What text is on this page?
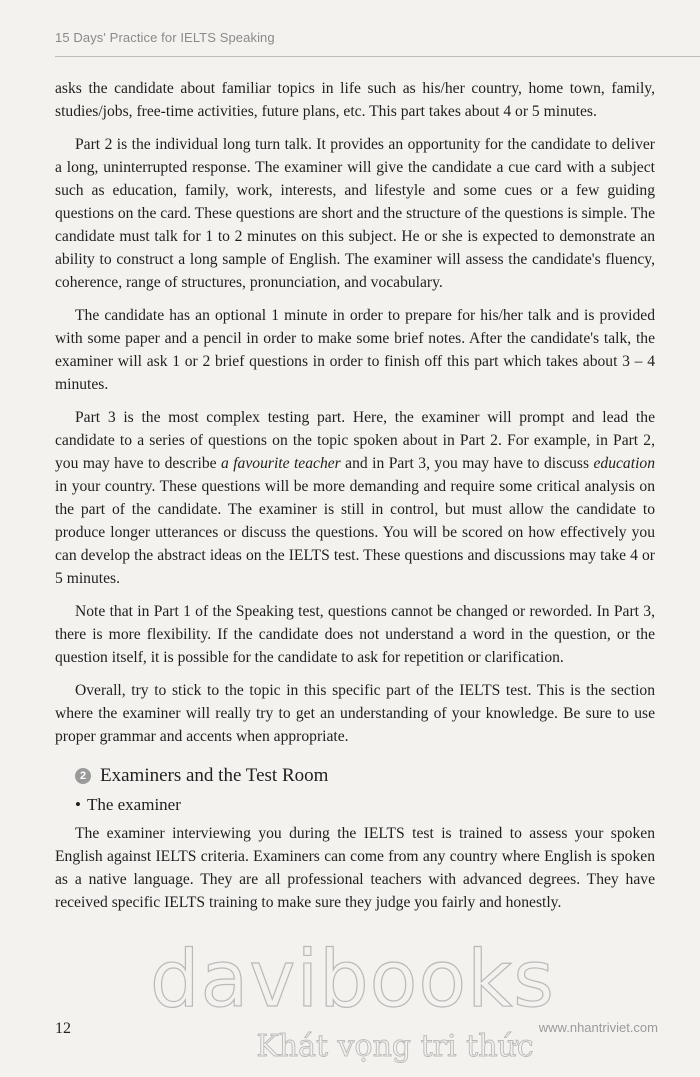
15 Days' Practice for IELTS Speaking

asks the candidate about familiar topics in life such as his/her country, home town, family, studies/jobs, free-time activities, future plans, etc. This part takes about 4 or 5 minutes.

Part 2 is the individual long turn talk. It provides an opportunity for the candidate to deliver a long, uninterrupted response. The examiner will give the candidate a cue card with a subject such as education, family, work, interests, and lifestyle and some cues or a few guiding questions on the card. These questions are short and the structure of the questions is simple. The candidate must talk for 1 to 2 minutes on this subject. He or she is expected to demonstrate an ability to construct a long sample of English. The examiner will assess the candidate's fluency, coherence, range of structures, pronunciation, and vocabulary.

The candidate has an optional 1 minute in order to prepare for his/her talk and is provided with some paper and a pencil in order to make some brief notes. After the candidate's talk, the examiner will ask 1 or 2 brief questions in order to finish off this part which takes about 3 – 4 minutes.

Part 3 is the most complex testing part. Here, the examiner will prompt and lead the candidate to a series of questions on the topic spoken about in Part 2. For example, in Part 2, you may have to describe a favourite teacher and in Part 3, you may have to discuss education in your country. These questions will be more demanding and require some critical analysis on the part of the candidate. The examiner is still in control, but must allow the candidate to produce longer utterances or discuss the questions. You will be scored on how effectively you can develop the abstract ideas on the IELTS test. These questions and discussions may take 4 or 5 minutes.

Note that in Part 1 of the Speaking test, questions cannot be changed or reworded. In Part 3, there is more flexibility. If the candidate does not understand a word in the question, or the question itself, it is possible for the candidate to ask for repetition or clarification.

Overall, try to stick to the topic in this specific part of the IELTS test. This is the section where the examiner will really try to get an understanding of your knowledge. Be sure to use proper grammar and accents when appropriate.

2 Examiners and the Test Room
• The examiner

The examiner interviewing you during the IELTS test is trained to assess your spoken English against IELTS criteria. Examiners can come from any country where English is spoken as a native language. They are all professional teachers with advanced degrees. They have received specific IELTS training to make sure they judge you fairly and honestly.

davibooks
Khát vọng tri thức
12	www.nhantriviet.com
